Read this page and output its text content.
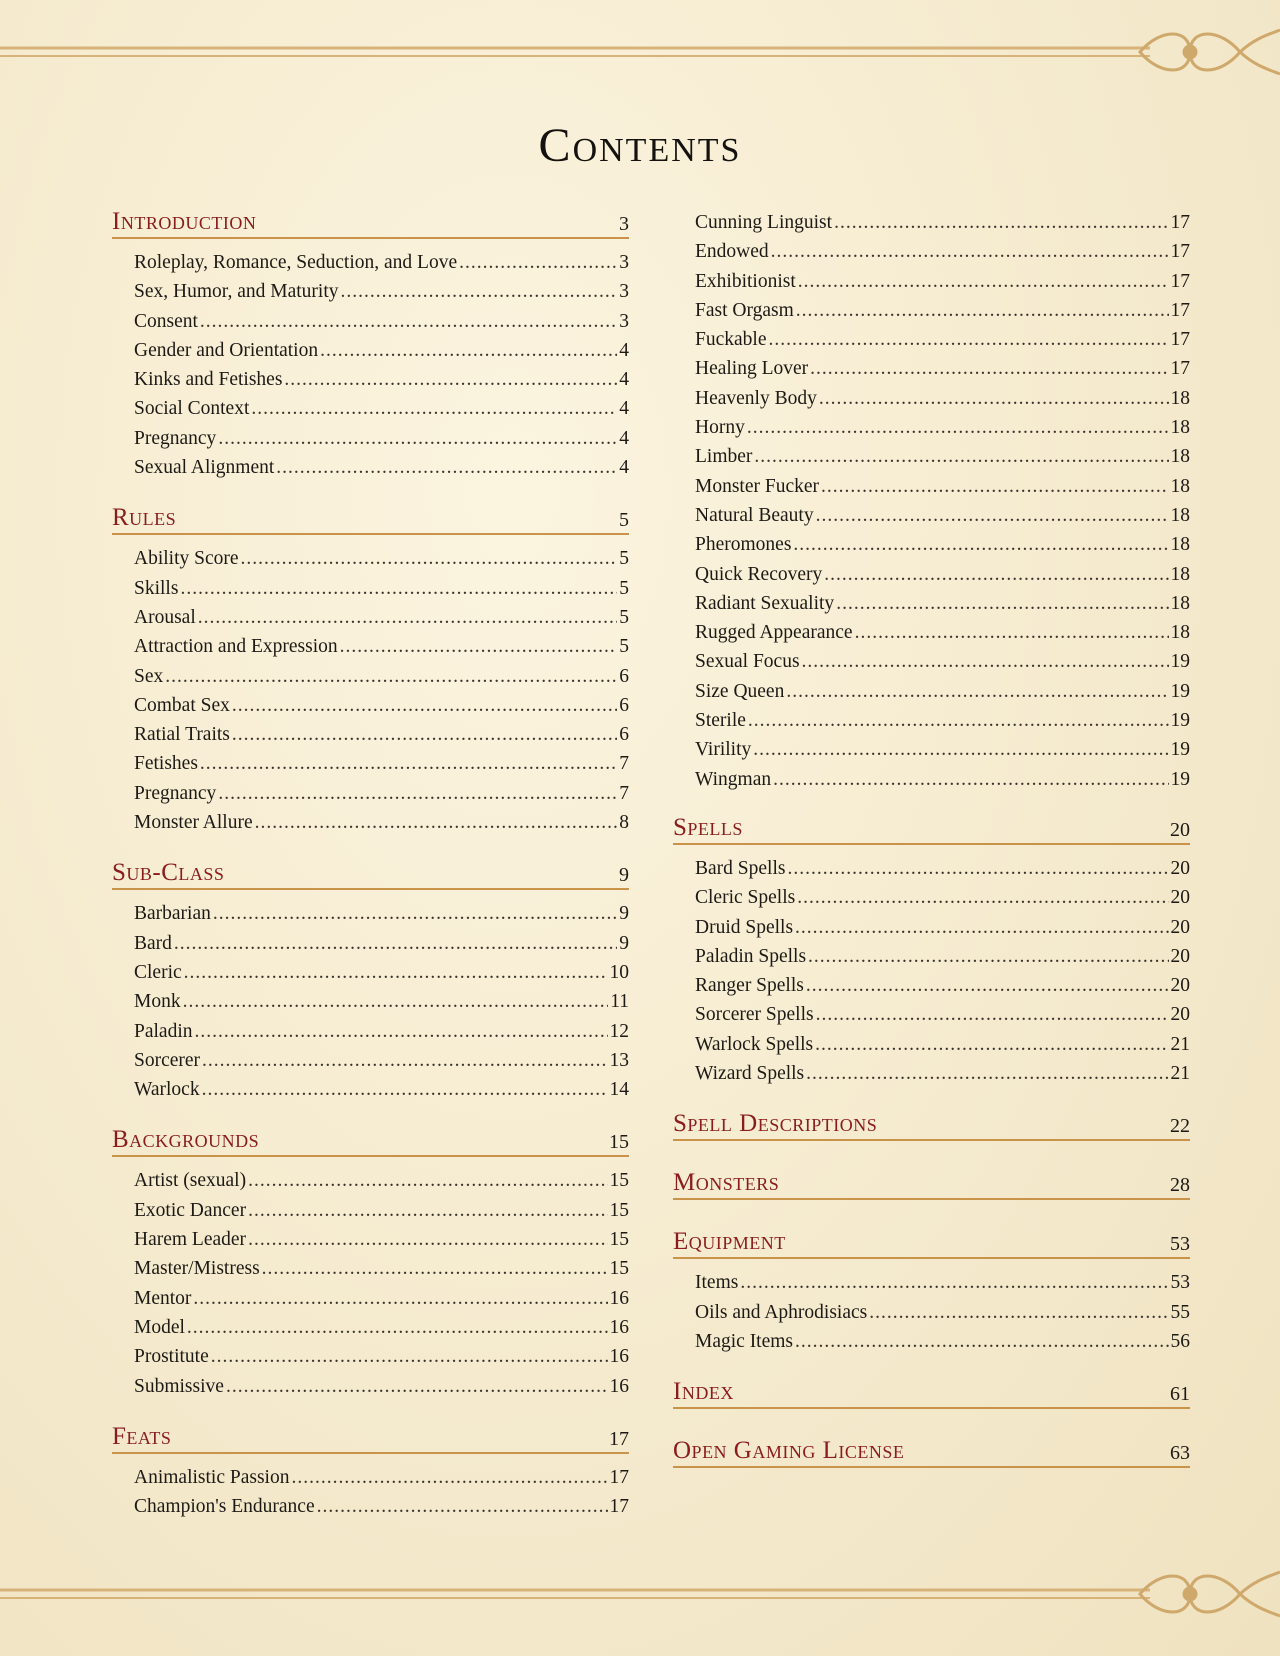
Contents
Introduction	3
Roleplay, Romance, Seduction, and Love .....	3
Sex, Humor, and Maturity .....	3
Consent .....	3
Gender and Orientation .....	4
Kinks and Fetishes .....	4
Social Context .....	4
Pregnancy .....	4
Sexual Alignment .....	4
Rules	5
Ability Score .....	5
Skills .....	5
Arousal .....	5
Attraction and Expression .....	5
Sex .....	6
Combat Sex .....	6
Ratial Traits .....	6
Fetishes .....	7
Pregnancy .....	7
Monster Allure .....	8
Sub-Class	9
Barbarian .....	9
Bard .....	9
Cleric .....	10
Monk .....	11
Paladin .....	12
Sorcerer .....	13
Warlock .....	14
Backgrounds	15
Artist (sexual) .....	15
Exotic Dancer .....	15
Harem Leader .....	15
Master/Mistress .....	15
Mentor .....	16
Model .....	16
Prostitute .....	16
Submissive .....	16
Feats	17
Animalistic Passion .....	17
Champion's Endurance .....	17
Cunning Linguist .....	17
Endowed .....	17
Exhibitionist .....	17
Fast Orgasm .....	17
Fuckable .....	17
Healing Lover .....	17
Heavenly Body .....	18
Horny .....	18
Limber .....	18
Monster Fucker .....	18
Natural Beauty .....	18
Pheromones .....	18
Quick Recovery .....	18
Radiant Sexuality .....	18
Rugged Appearance .....	18
Sexual Focus .....	19
Size Queen .....	19
Sterile .....	19
Virility .....	19
Wingman .....	19
Spells	20
Bard Spells .....	20
Cleric Spells .....	20
Druid Spells .....	20
Paladin Spells .....	20
Ranger Spells .....	20
Sorcerer Spells .....	20
Warlock Spells .....	21
Wizard Spells .....	21
Spell Descriptions	22
Monsters	28
Equipment	53
Items .....	53
Oils and Aphrodisiacs .....	55
Magic Items .....	56
Index	61
Open Gaming License	63
